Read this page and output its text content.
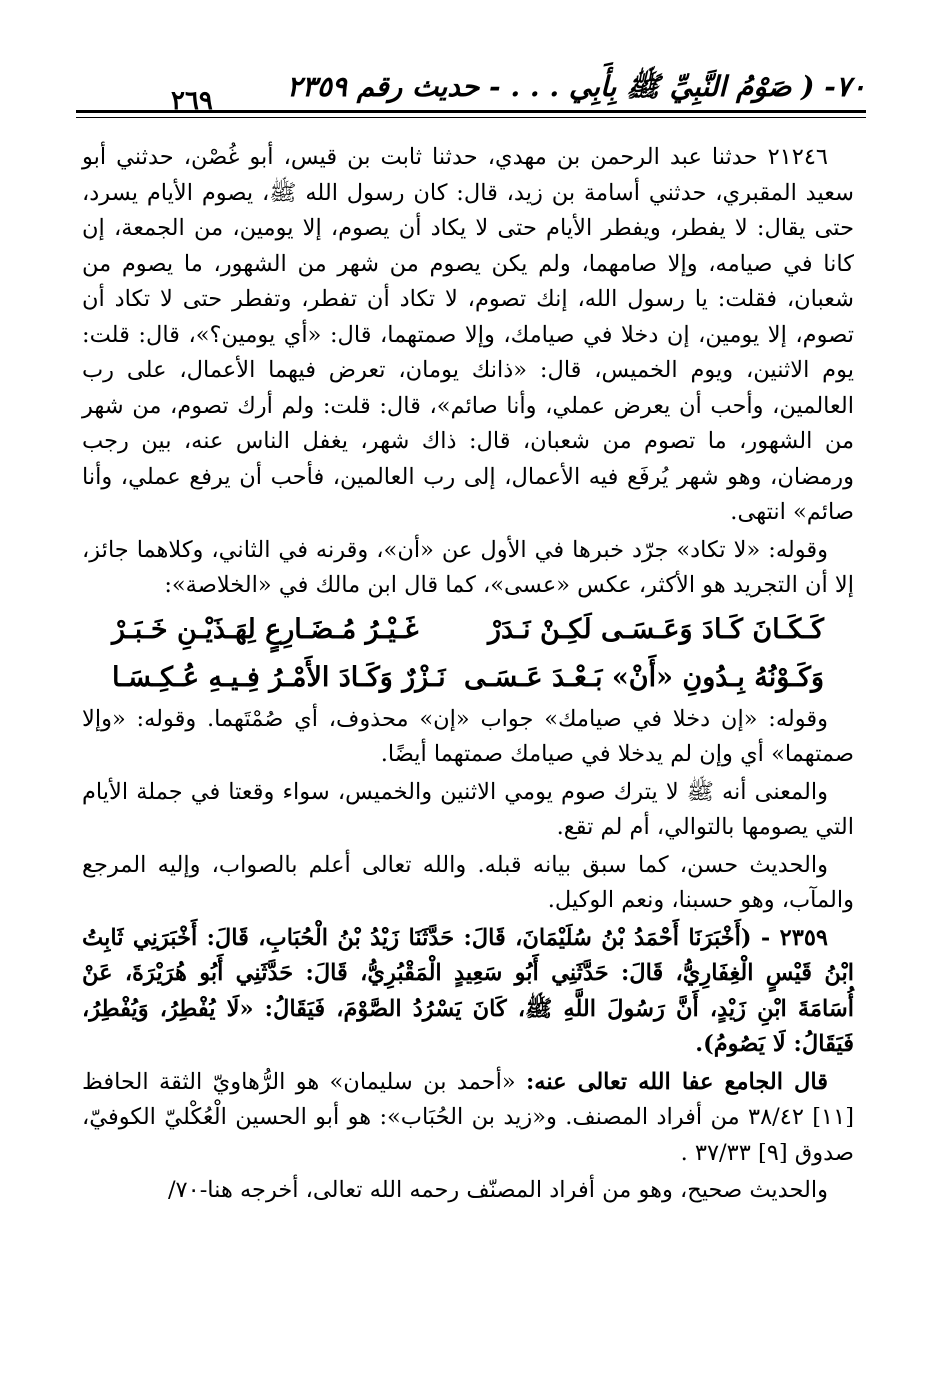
٧٠- ( صَوْمُ النَّبِيِّ ﷺ بِأَبِي . . . - حديث رقم ٢٣٥٩
٢٦٩

٢١٢٤٦ حدثنا عبد الرحمن بن مهدي، حدثنا ثابت بن قيس، أبو غُصْن، حدثني أبو سعيد المقبري، حدثني أسامة بن زيد، قال: كان رسول الله ﷺ، يصوم الأيام يسرد، حتى يقال: لا يفطر، ويفطر الأيام حتى لا يكاد أن يصوم، إلا يومين، من الجمعة، إن كانا في صيامه، وإلا صامهما، ولم يكن يصوم من شهر من الشهور، ما يصوم من شعبان، فقلت: يا رسول الله، إنك تصوم، لا تكاد أن تفطر، وتفطر حتى لا تكاد أن تصوم، إلا يومين، إن دخلا في صيامك، وإلا صمتهما، قال: «أي يومين؟»، قال: قلت: يوم الاثنين، ويوم الخميس، قال: «ذانك يومان، تعرض فيهما الأعمال، على رب العالمين، وأحب أن يعرض عملي، وأنا صائم»، قال: قلت: ولم أرك تصوم، من شهر من الشهور، ما تصوم من شعبان، قال: ذاك شهر، يغفل الناس عنه، بين رجب ورمضان، وهو شهر يُرفَع فيه الأعمال، إلى رب العالمين، فأحب أن يرفع عملي، وأنا صائم» انتهى.

وقوله: «لا تكاد» جرّد خبرها في الأول عن «أن»، وقرنه في الثاني، وكلاهما جائز، إلا أن التجريد هو الأكثر، عكس «عسى»، كما قال ابن مالك في «الخلاصة»:

كَـكَـانَ كَـادَ وَعَـسَـى لَكِـنْ نَـدَرْ
غَـيْـرُ مُـضَـارِعٍ لِهَـذَيْـنِ خَـبَـرْ
وَكَـوْنُهُ بِـدُونِ «أَنْ» بَـعْـدَ عَـسَـى
نَـزْرٌ وَكَـادَ الأَمْـرُ فِـيـهِ عُـكِـسَـا

وقوله: «إن دخلا في صيامك» جواب «إن» محذوف، أي صُمْتَهما. وقوله: «وإلا صمتهما» أي وإن لم يدخلا في صيامك صمتهما أيضًا.

والمعنى أنه ﷺ لا يترك صوم يومي الاثنين والخميس، سواء وقعتا في جملة الأيام التي يصومها بالتوالي، أم لم تقع.

والحديث حسن، كما سبق بيانه قبله. والله تعالى أعلم بالصواب، وإليه المرجع والمآب، وهو حسبنا، ونعم الوكيل.

٢٣٥٩ - (أَخْبَرَنَا أَحْمَدُ بْنُ سُلَيْمَانَ، قَالَ: حَدَّثَنَا زَيْدُ بْنُ الْحُبَابِ، قَالَ: أَخْبَرَنِي ثَابِتُ ابْنُ قَيْسٍ الْغِفَارِيُّ، قَالَ: حَدَّثَنِي أَبُو سَعِيدٍ الْمَقْبُرِيُّ، قَالَ: حَدَّثَنِي أَبُو هُرَيْرَةَ، عَنْ أُسَامَةَ ابْنِ زَيْدٍ، أَنَّ رَسُولَ اللَّهِ ﷺ، كَانَ يَسْرُدُ الصَّوْمَ، فَيَقَالُ: «لَا يُفْطِرُ، وَيُفْطِرُ، فَيَقَالُ: لَا يَصُومُ).

قال الجامع عفا الله تعالى عنه: «أحمد بن سليمان» هو الرُّهاويّ الثقة الحافظ [١١] ٣٨/٤٢ من أفراد المصنف. و«زيد بن الحُبَاب»: هو أبو الحسين الْعُكْليّ الكوفيّ، صدوق [٩] ٣٧/٣٣ .

والحديث صحيح، وهو من أفراد المصنّف رحمه الله تعالى، أخرجه هنا-٧٠/
